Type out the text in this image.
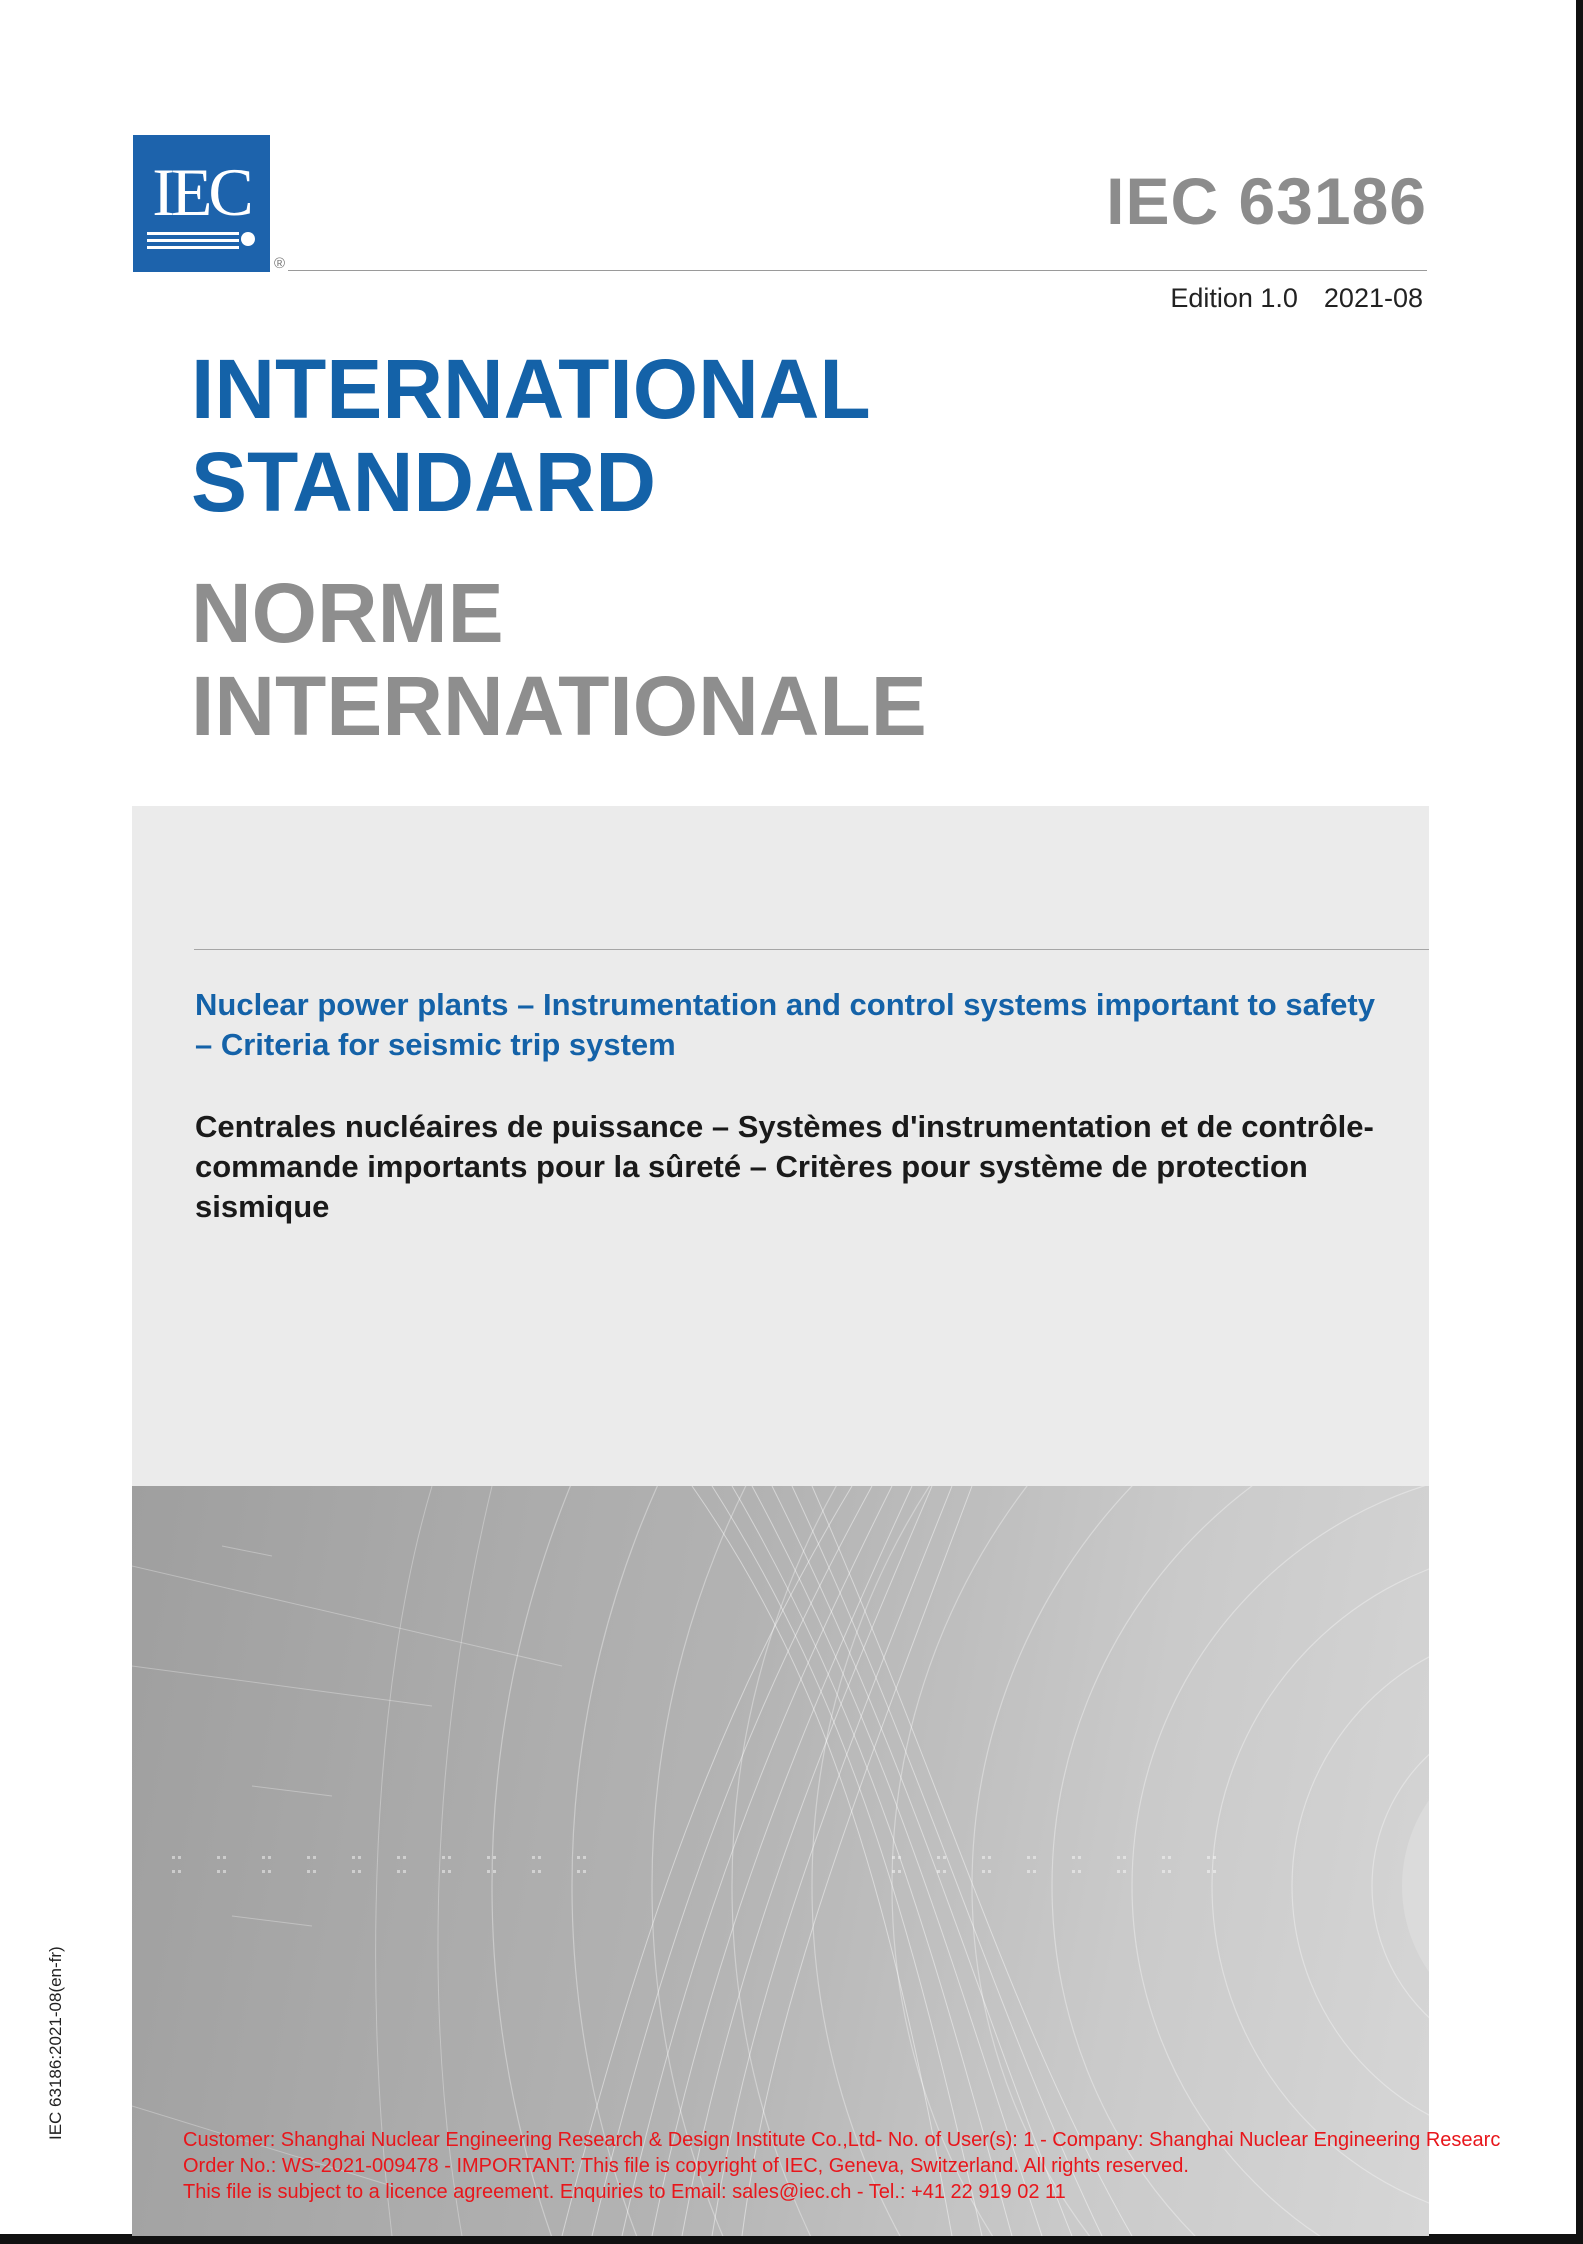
IEC
®
IEC 63186
Edition 1.0 2021-08
INTERNATIONAL
STANDARD
NORME
INTERNATIONALE
Nuclear power plants – Instrumentation and control systems important to safety
– Criteria for seismic trip system
Centrales nucléaires de puissance – Systèmes d'instrumentation et de contrôle-
commande importants pour la sûreté – Critères pour système de protection
sismique
IEC 63186:2021-08(en-fr)	Customer: Shanghai Nuclear Engineering Research & Design Institute Co.,Ltd- No. of User(s): 1 - Company: Shanghai Nuclear Engineering Researc
Order No.: WS-2021-009478 - IMPORTANT: This file is copyright of IEC, Geneva, Switzerland. All rights reserved.
This file is subject to a licence agreement. Enquiries to Email: sales@iec.ch - Tel.: +41 22 919 02 11
